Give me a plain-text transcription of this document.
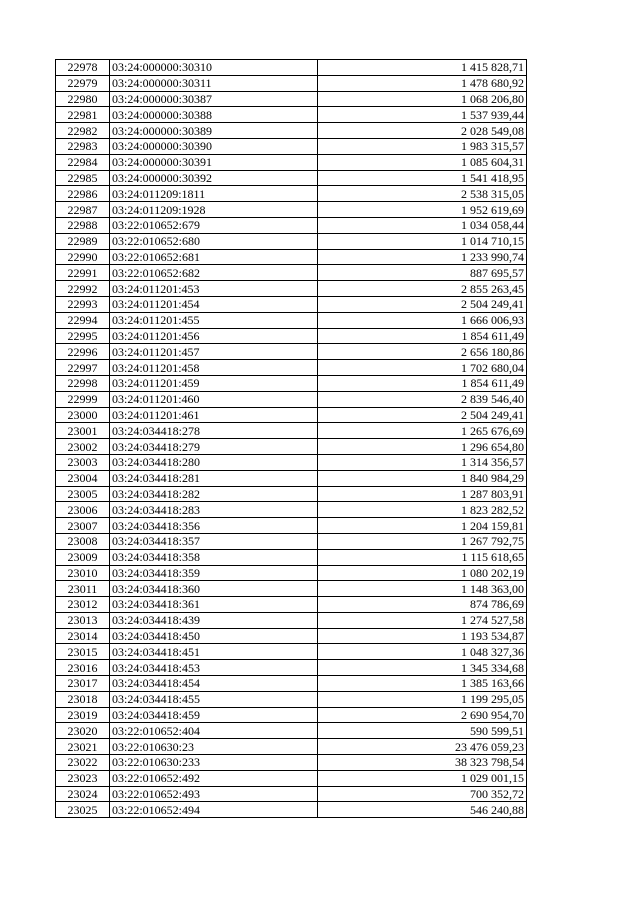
22978	03:24:000000:30310	1 415 828,71
22979	03:24:000000:30311	1 478 680,92
22980	03:24:000000:30387	1 068 206,80
22981	03:24:000000:30388	1 537 939,44
22982	03:24:000000:30389	2 028 549,08
22983	03:24:000000:30390	1 983 315,57
22984	03:24:000000:30391	1 085 604,31
22985	03:24:000000:30392	1 541 418,95
22986	03:24:011209:1811	2 538 315,05
22987	03:24:011209:1928	1 952 619,69
22988	03:22:010652:679	1 034 058,44
22989	03:22:010652:680	1 014 710,15
22990	03:22:010652:681	1 233 990,74
22991	03:22:010652:682	887 695,57
22992	03:24:011201:453	2 855 263,45
22993	03:24:011201:454	2 504 249,41
22994	03:24:011201:455	1 666 006,93
22995	03:24:011201:456	1 854 611,49
22996	03:24:011201:457	2 656 180,86
22997	03:24:011201:458	1 702 680,04
22998	03:24:011201:459	1 854 611,49
22999	03:24:011201:460	2 839 546,40
23000	03:24:011201:461	2 504 249,41
23001	03:24:034418:278	1 265 676,69
23002	03:24:034418:279	1 296 654,80
23003	03:24:034418:280	1 314 356,57
23004	03:24:034418:281	1 840 984,29
23005	03:24:034418:282	1 287 803,91
23006	03:24:034418:283	1 823 282,52
23007	03:24:034418:356	1 204 159,81
23008	03:24:034418:357	1 267 792,75
23009	03:24:034418:358	1 115 618,65
23010	03:24:034418:359	1 080 202,19
23011	03:24:034418:360	1 148 363,00
23012	03:24:034418:361	874 786,69
23013	03:24:034418:439	1 274 527,58
23014	03:24:034418:450	1 193 534,87
23015	03:24:034418:451	1 048 327,36
23016	03:24:034418:453	1 345 334,68
23017	03:24:034418:454	1 385 163,66
23018	03:24:034418:455	1 199 295,05
23019	03:24:034418:459	2 690 954,70
23020	03:22:010652:404	590 599,51
23021	03:22:010630:23	23 476 059,23
23022	03:22:010630:233	38 323 798,54
23023	03:22:010652:492	1 029 001,15
23024	03:22:010652:493	700 352,72
23025	03:22:010652:494	546 240,88
